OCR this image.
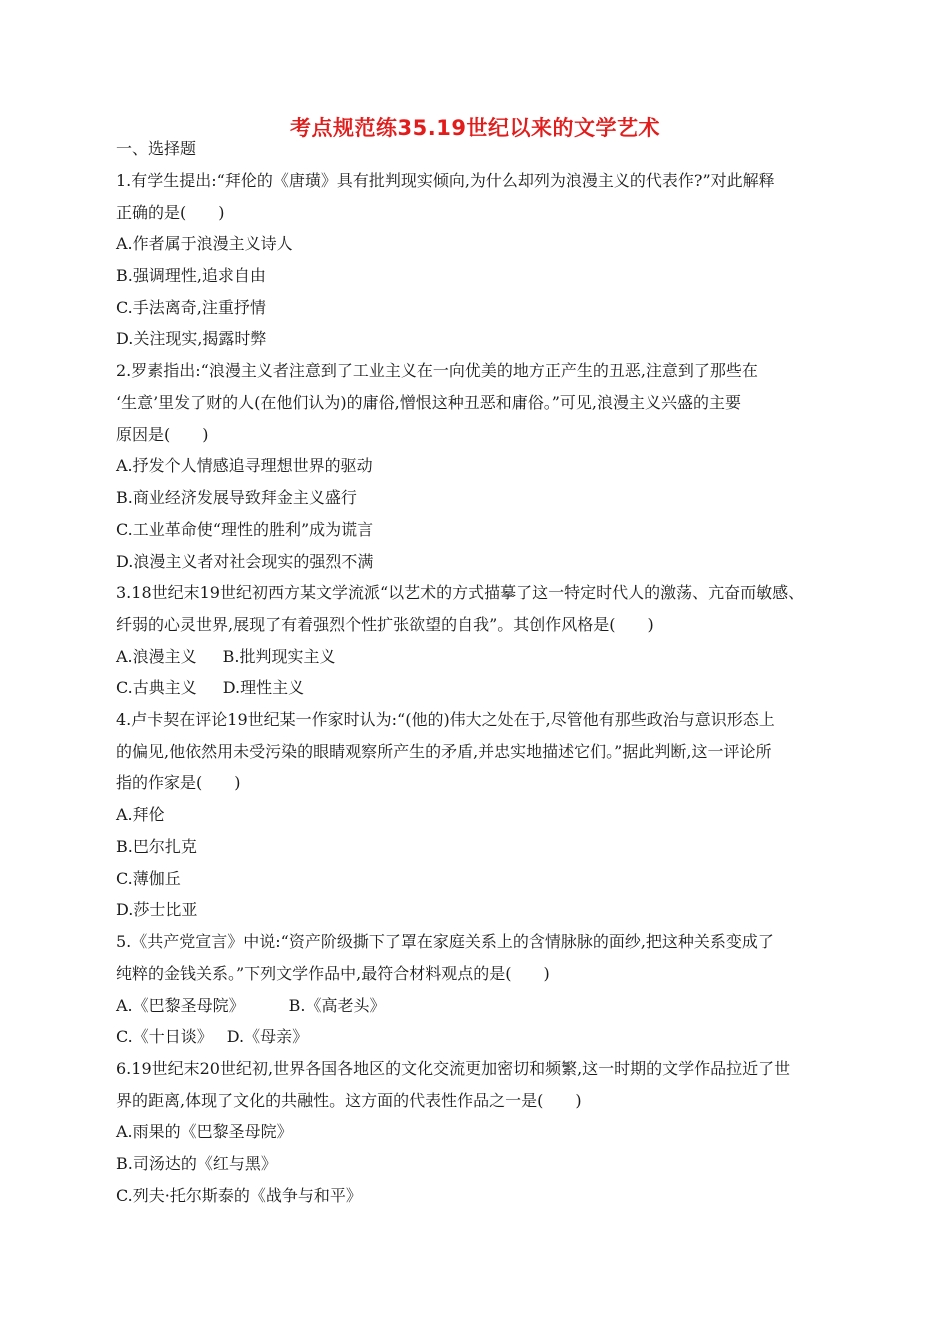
考点规范练35.19世纪以来的文学艺术
一、选择题
1.有学生提出:“拜伦的《唐璜》具有批判现实倾向,为什么却列为浪漫主义的代表作?”对此解释
正确的是(　　)
A.作者属于浪漫主义诗人
B.强调理性,追求自由
C.手法离奇,注重抒情
D.关注现实,揭露时弊
2.罗素指出:“浪漫主义者注意到了工业主义在一向优美的地方正产生的丑恶,注意到了那些在
‘生意’里发了财的人(在他们认为)的庸俗,憎恨这种丑恶和庸俗。”可见,浪漫主义兴盛的主要
原因是(　　)
A.抒发个人情感追寻理想世界的驱动
B.商业经济发展导致拜金主义盛行
C.工业革命使“理性的胜利”成为谎言
D.浪漫主义者对社会现实的强烈不满
3.18世纪末19世纪初西方某文学流派“以艺术的方式描摹了这一特定时代人的激荡、亢奋而敏感、
纤弱的心灵世界,展现了有着强烈个性扩张欲望的自我”。其创作风格是(　　)
A.浪漫主义 B.批判现实主义
C.古典主义 D.理性主义
4.卢卡契在评论19世纪某一作家时认为:“(他的)伟大之处在于,尽管他有那些政治与意识形态上
的偏见,他依然用未受污染的眼睛观察所产生的矛盾,并忠实地描述它们。”据此判断,这一评论所
指的作家是(　　)
A.拜伦
B.巴尔扎克
C.薄伽丘
D.莎士比亚
5.《共产党宣言》中说:“资产阶级撕下了罩在家庭关系上的含情脉脉的面纱,把这种关系变成了
纯粹的金钱关系。”下列文学作品中,最符合材料观点的是(　　)
A.《巴黎圣母院》	B.《高老头》
C.《十日谈》 D.《母亲》
6.19世纪末20世纪初,世界各国各地区的文化交流更加密切和频繁,这一时期的文学作品拉近了世
界的距离,体现了文化的共融性。这方面的代表性作品之一是(　　)
A.雨果的《巴黎圣母院》
B.司汤达的《红与黑》
C.列夫·托尔斯泰的《战争与和平》
